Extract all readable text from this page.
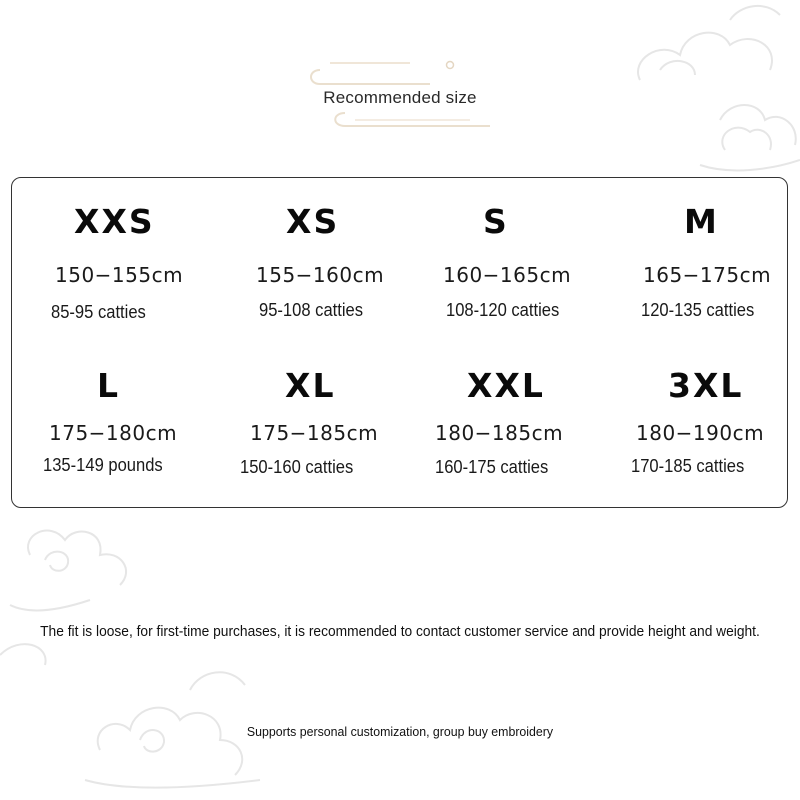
Recommended size
XXS
150−155cm
85-95 catties
XS
155−160cm
95-108 catties
S
160−165cm
108-120 catties
M
165−175cm
120-135 catties
L
175−180cm
135-149 pounds
XL
175−185cm
150-160 catties
XXL
180−185cm
160-175 catties
3XL
180−190cm
170-185 catties
The fit is loose, for first-time purchases, it is recommended to contact customer service and provide height and weight.
Supports personal customization, group buy embroidery
